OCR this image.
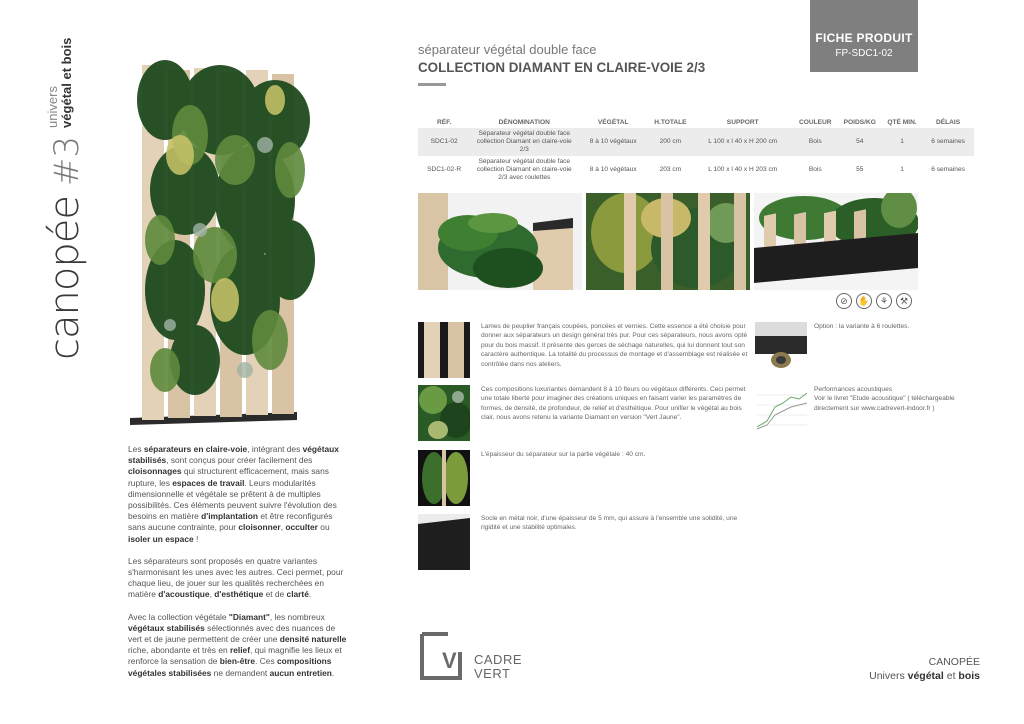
canopée#3
univers végétal et bois

Les séparateurs en claire-voie, intégrant des végétaux stabilisés, sont conçus pour créer facilement des cloisonnages qui structurent efficacement, mais sans rupture, les espaces de travail. Leurs modularités dimensionnelle et végétale se prêtent à de multiples possibilités. Ces éléments peuvent suivre l'évolution des besoins en matière d'implantation et être reconfigurés sans aucune contrainte, pour cloisonner, occulter ou isoler un espace !

Les séparateurs sont proposés en quatre variantes s'harmonisant les unes avec les autres. Ceci permet, pour chaque lieu, de jouer sur les qualités recherchées en matière d'acoustique, d'esthétique et de clarté.

Avec la collection végétale "Diamant", les nombreux végétaux stabilisés sélectionnés avec des nuances de vert et de jaune permettent de créer une densité naturelle riche, abondante et très en relief, qui magnifie les lieux et renforce la sensation de bien-être. Ces compositions végétales stabilisées ne demandent aucun entretien.

FICHE PRODUIT
FP-SDC1-02
séparateur végétal double face
COLLECTION DIAMANT EN CLAIRE-VOIE 2/3
RÉF.	DÉNOMINATION	VÉGÉTAL	H.TOTALE	SUPPORT	COULEUR	POIDS/KG	QTÉ MIN.	DÉLAIS
SDC1-02	Séparateur végétal double face collection Diamant en claire-voie 2/3	8 à 10 végétaux	200 cm	L 100 x l 40 x H 200 cm	Bois	54	1	6 semaines
SDC1-02-R	Séparateur végétal double face collection Diamant en claire-voie 2/3 avec roulettes	8 à 10 végétaux	203 cm	L 100 x l 40 x H 203 cm	Bois	55	1	6 semaines
⊘	✋	⚘	⚒
Lames de peuplier français coupées, poncées et vernies. Cette essence a été choisie pour donner aux séparateurs un design général très pur. Pour ces séparateurs, nous avons opté pour du bois massif. Il présente des gerces de séchage naturelles, qui lui donnent tout son caractère authentique. La totalité du processus de montage et d'assemblage est réalisée et contrôlée dans nos ateliers.
Option : la variante à 6 roulettes.
Ces compositions luxuriantes demandent 8 à 10 fleurs ou végétaux différents. Ceci permet une totale liberté pour imaginer des créations uniques en faisant varier les paramètres de formes, de densité, de profondeur, de relief et d'esthétique. Pour unifier le végétal au bois clair, nous avons retenu la variante Diamant en version "Vert Jaune".
Performances acoustiques
Voir le livret "Etude acoustique" ( téléchargeable directement sur www.cadrevert-indoor.fr )
L'épaisseur du séparateur sur la partie végétale : 40 cm.
Socle en métal noir, d'une épaisseur de 5 mm, qui assure à l'ensemble une solidité, une rigidité et une stabilité optimales.
V CADRE
VERT
CANOPÉE
Univers végétal et bois
